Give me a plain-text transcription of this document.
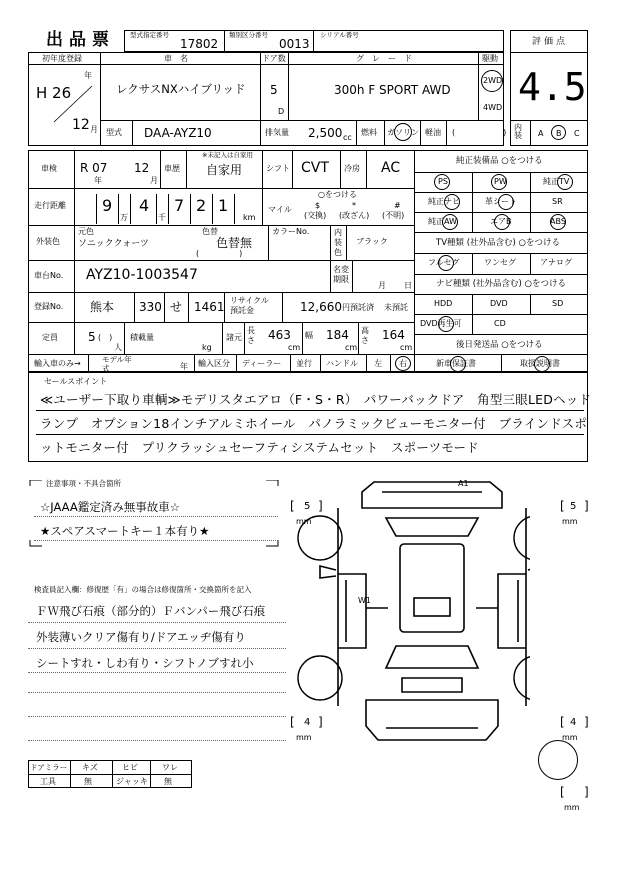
出品票 型式指定番号
17802
類別区分番号
0013
シリアル番号
評価点
4.5
初年度登録
年
H 26
12 月
車　名
レクサスNXハイブリッド
ドア数
5
D
グ　レ　ー　ド
300h F SPORT AWD
駆動
2WD
4WD
型式 DAA-AYZ10	排気量 2,500 cc
燃料 ガソリン 軽油 (　　　　　　)
内装	A B C
車検 R 07
年
12
月
車歴
※未記入は自家用
自家用	シフト CVT 冷房 AC
走行距離 9
万
4
千
7 2 1
km
マイル
○をつける
$
(交換)
*
(改ざん)
#
(不明)
外装色
元色
ソニッククォーツ
色替
色替無
(　　　　　)
カラーNo.	内装色
ブラック
車台No. AYZ10-1003547	名変期限
月 日
登録No. 熊本 330 せ 1461 リサイクル預託金	12,660 円預託済 未預託
定員	5 (　)
人
積載量
kg
諸元
長さ 463
cm
幅 184
cm
高さ 164
cm
輸入車のみ→	モデル年式	年 輸入区分 ディーラー 並行 ハンドル 左 右
純正装備品 ○をつける
PS	PW	純正TV
純正ナビ	革シート	SR
純正AW	エアB	ABS
TV種類 (社外品含む) ○をつける
フルセグ	ワンセグ	アナログ
ナビ種類 (社外品含む) ○をつける
HDD	DVD	SD
DVD再生可	CD
後日発送品 ○をつける
新車保証書	取扱説明書
セールスポイント
≪ユーザー下取り車輌≫モデリスタエアロ（F・S・R）　パワーバックドア　角型三眼LEDヘッド
ランプ　オプション18インチアルミホイール　パノラミックビューモニター付　ブラインドスポ
ットモニター付　プリクラッシュセーフティシステムセット　スポーツモード
注意事項・不具合箇所
☆JAAA鑑定済み無事故車☆
★スペアスマートキー１本有り★
検査員記入欄：修復歴「有」の場合は修復箇所・交換箇所を記入
ＦＷ飛び石痕（部分的）Ｆバンパー飛び石痕
外装薄いクリア傷有り/ドアエッヂ傷有り
シートすれ・しわ有り・シフトノブすれ小
ドアミラー キズ	ヒビ	ワレ
工具	無	ジャッキ 無
A1
W1
[ 5 ]
mm
[ 5 ]
mm
[ 4 ]
mm
[ 4 ]
mm
[ ]
mm
